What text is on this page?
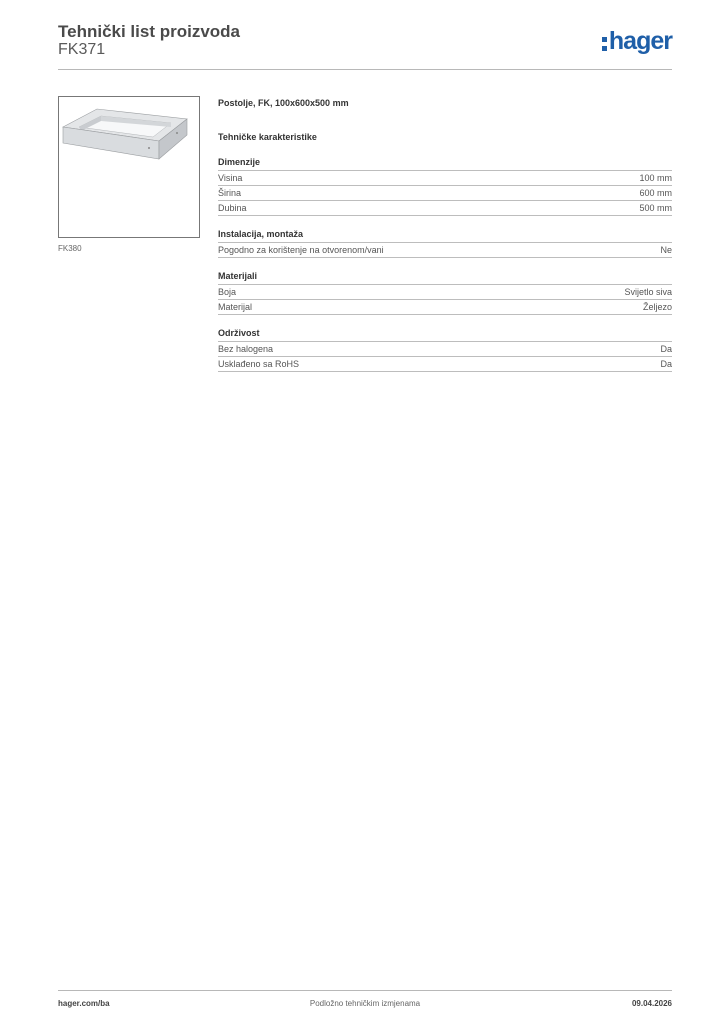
Tehnički list proizvoda
FK371	hager
FK380
Postolje, FK, 100x600x500 mm
Tehničke karakteristike
Dimenzije
Visina	100 mm
Širina	600 mm
Dubina	500 mm
Instalacija, montaža
Pogodno za korištenje na otvorenom/vani	Ne
Materijali
Boja	Svijetlo siva
Materijal	Željezo
Održivost
Bez halogena	Da
Usklađeno sa RoHS	Da
hager.com/ba	Podložno tehničkim izmjenama	09.04.2026
